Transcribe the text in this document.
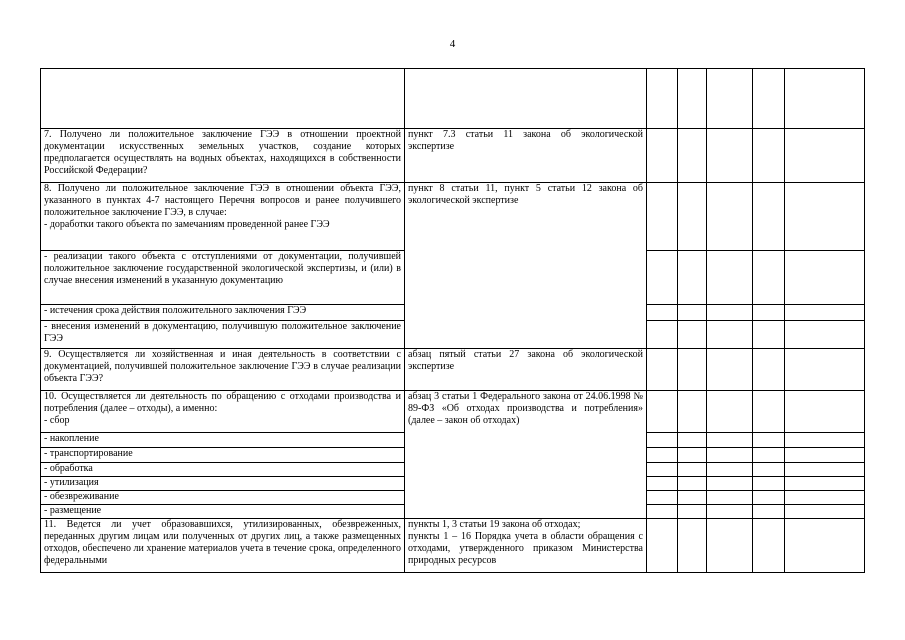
4

7. Получено ли положительное заключение ГЭЭ в отношении проектной документации искусственных земельных участков, создание которых предполагается осуществлять на водных объектах, находящихся в собственности Российской Федерации?	пункт 7.3 статьи 11 закона об экологической экспертизе					

8. Получено ли положительное заключение ГЭЭ в отношении объекта ГЭЭ, указанного в пунктах 4-7 настоящего Перечня вопросов и ранее получившего положительное заключение ГЭЭ, в случае:
- доработки такого объекта по замечаниям проведенной ранее ГЭЭ	пункт 8 статьи 11, пункт 5 статьи 12 закона об экологической экспертизе					

- реализации такого объекта с отступлениями от документации, получившей положительное заключение государственной экологической экспертизы, и (или) в случае внесения изменений в указанную документацию						

- истечения срока действия положительного заключения ГЭЭ						

- внесения изменений в документацию, получившую положительное заключение ГЭЭ						

9. Осуществляется ли хозяйственная и иная деятельность в соответствии с документацией, получившей положительное заключение ГЭЭ в случае реализации объекта ГЭЭ?	абзац пятый статьи 27 закона об экологической экспертизе					

10. Осуществляется ли деятельность по обращению с отходами производства и потребления (далее – отходы), а именно:
- сбор	абзац 3 статьи 1 Федерального закона от 24.06.1998 № 89-ФЗ «Об отходах производства и потребления» (далее – закон об отходах)					

- накопление						

- транспортирование						

- обработка						

- утилизация						

- обезвреживание						

- размещение						

11. Ведется ли учет образовавшихся, утилизированных, обезвреженных, переданных другим лицам или полученных от других лиц, а также размещенных отходов, обеспечено ли хранение материалов учета в течение срока, определенного федеральными	пункты 1, 3 статьи 19 закона об отходах;
пункты 1 – 16 Порядка учета в области обращения с отходами, утвержденного приказом Министерства природных ресурсов					
